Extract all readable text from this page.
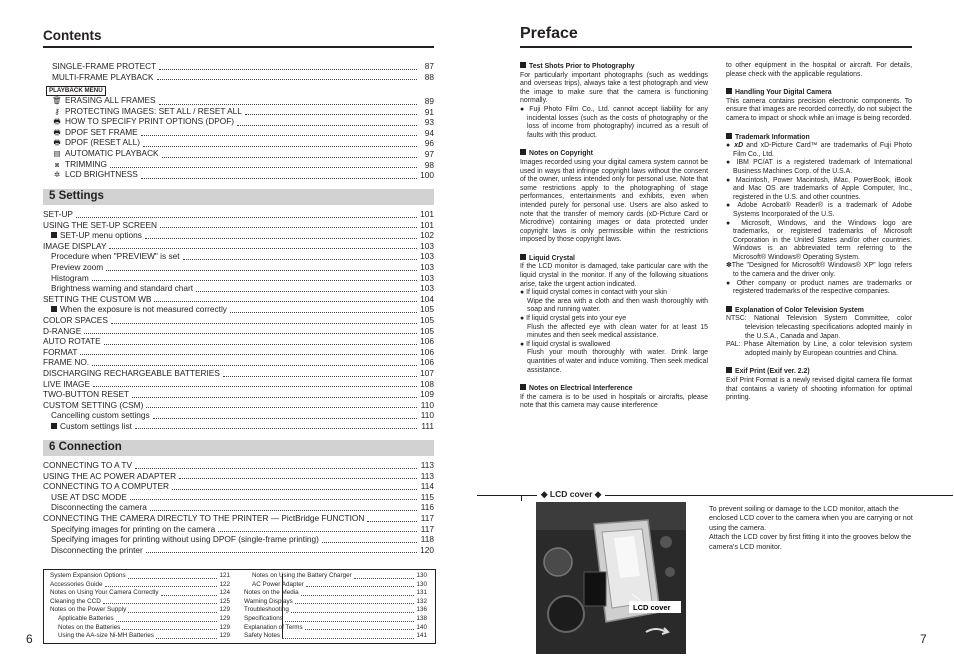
Contents
SINGLE-FRAME PROTECT	87
MULTI-FRAME PLAYBACK	88
PLAYBACK MENU
🗑 ERASING ALL FRAMES	89
⚷ PROTECTING IMAGES: SET ALL / RESET ALL	91
🖶 HOW TO SPECIFY PRINT OPTIONS (DPOF)	93
🖶 DPOF SET FRAME	94
🖶 DPOF (RESET ALL)	96
▤ AUTOMATIC PLAYBACK	97
⧈ TRIMMING	98
✲ LCD BRIGHTNESS	100
5 Settings
SET-UP	101
USING THE SET-UP SCREEN	101
SET-UP menu options	102
IMAGE DISPLAY	103
Procedure when "PREVIEW" is set	103
Preview zoom	103
Histogram	103
Brightness warning and standard chart	103
SETTING THE CUSTOM WB	104
When the exposure is not measured correctly	105
COLOR SPACES	105
D-RANGE	105
AUTO ROTATE	106
FORMAT	106
FRAME NO.	106
DISCHARGING RECHARGEABLE BATTERIES	107
LIVE IMAGE	108
TWO-BUTTON RESET	109
CUSTOM SETTING (CSM)	110
Cancelling custom settings	110
Custom settings list	111
6 Connection
CONNECTING TO A TV	113
USING THE AC POWER ADAPTER	113
CONNECTING TO A COMPUTER	114
USE AT DSC MODE	115
Disconnecting the camera	116
CONNECTING THE CAMERA DIRECTLY TO THE PRINTER — PictBridge FUNCTION	117
Specifying images for printing on the camera	117
Specifying images for printing without using DPOF (single-frame printing)	118
Disconnecting the printer	120
System Expansion Options	121
Accessories Guide	122
Notes on Using Your Camera Correctly	124
Cleaning the CCD	125
Notes on the Power Supply	129
Applicable Batteries	129
Notes on the Batteries	129
Using the AA-size Ni-MH Batteries	129
Notes on Using the Battery Charger	130
AC Power Adapter	130
Notes on the Media	131
Warning Displays	132
Troubleshooting	136
Specifications	138
Explanation of Terms	140
Safety Notes	141
6
Preface

Test Shots Prior to Photography

For particularly important photographs (such as weddings and overseas trips), always take a test photograph and view the image to make sure that the camera is functioning normally.

● Fuji Photo Film Co., Ltd. cannot accept liability for any incidental losses (such as the costs of photography or the loss of income from photography) incurred as a result of faults with this product.

Notes on Copyright

Images recorded using your digital camera system cannot be used in ways that infringe copyright laws without the consent of the owner, unless intended only for personal use. Note that some restrictions apply to the photographing of stage performances, entertainments and exhibits, even when intended purely for personal use. Users are also asked to note that the transfer of memory cards (xD-Picture Card or Microdrive) containing images or data protected under copyright laws is only permissible within the restrictions imposed by those copyright laws.

Liquid Crystal

If the LCD monitor is damaged, take particular care with the liquid crystal in the monitor. If any of the following situations arise, take the urgent action indicated.

● If liquid crystal comes in contact with your skin

Wipe the area with a cloth and then wash thoroughly with soap and running water.

● If liquid crystal gets into your eye

Flush the affected eye with clean water for at least 15 minutes and then seek medical assistance.

● If liquid crystal is swallowed

Flush your mouth thoroughly with water. Drink large quantities of water and induce vomiting. Then seek medical assistance.

Notes on Electrical Interference

If the camera is to be used in hospitals or aircrafts, please note that this camera may cause interference

to other equipment in the hospital or aircraft. For details, please check with the applicable regulations.

Handling Your Digital Camera

This camera contains precision electronic components. To ensure that images are recorded correctly, do not subject the camera to impact or shock while an image is being recorded.

Trademark Information

● xD and xD-Picture Card™ are trademarks of Fuji Photo Film Co., Ltd.

● IBM PC/AT is a registered trademark of International Business Machines Corp. of the U.S.A.

● Macintosh, Power Macintosh, iMac, PowerBook, iBook and Mac OS are trademarks of Apple Computer, Inc., registered in the U.S. and other countries.

● Adobe Acrobat® Reader® is a trademark of Adobe Systems Incorporated of the U.S.

● Microsoft, Windows, and the Windows logo are trademarks, or registered trademarks of Microsoft Corporation in the United States and/or other countries. Windows is an abbreviated term referring to the Microsoft® Windows® Operating System.

✽The "Designed for Microsoft® Windows® XP" logo refers to the camera and the driver only.

● Other company or product names are trademarks or registered trademarks of the respective companies.

Explanation of Color Television System

NTSC: National Television System Committee, color television telecasting specifications adopted mainly in the U.S.A., Canada and Japan.

PAL: Phase Alternation by Line, a color television system adopted mainly by European countries and China.

Exif Print (Exif ver. 2.2)

Exif Print Format is a newly revised digital camera file format that contains a variety of shooting information for optimal printing.

◆ LCD cover ◆
LCD cover

To prevent soiling or damage to the LCD monitor, attach the enclosed LCD cover to the camera when you are carrying or not using the camera.

Attach the LCD cover by first fitting it into the grooves below the camera's LCD monitor.

7
